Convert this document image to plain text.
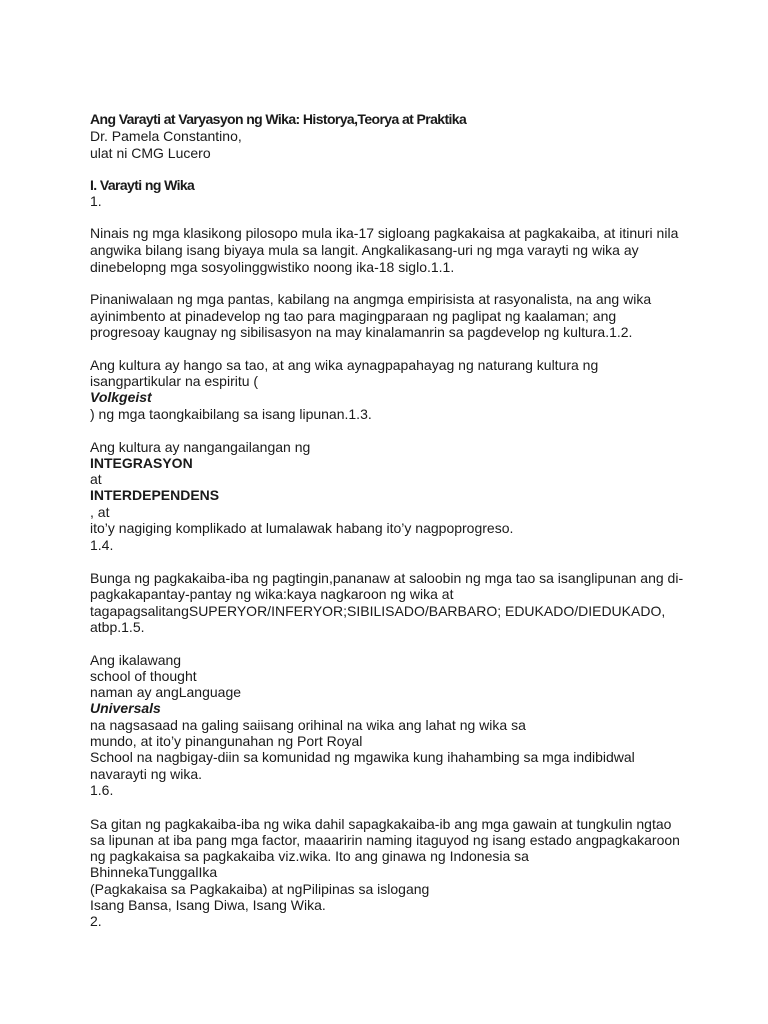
Ang Varayti at Varyasyon ng Wika: Historya,Teorya at Praktika
Dr. Pamela Constantino,
ulat ni CMG Lucero
I. Varayti ng Wika
1.
Ninais ng mga klasikong pilosopo mula ika-17 sigloang pagkakaisa at pagkakaiba, at itinuri nila
angwika bilang isang biyaya mula sa langit. Angkalikasang-uri ng mga varayti ng wika ay
dinebelopng mga sosyolinggwistiko noong ika-18 siglo.1.1.
Pinaniwalaan ng mga pantas, kabilang na angmga empirisista at rasyonalista, na ang wika
ayinimbento at pinadevelop ng tao para magingparaan ng paglipat ng kaalaman; ang
progresoay kaugnay ng sibilisasyon na may kinalamanrin sa pagdevelop ng kultura.1.2.
Ang kultura ay hango sa tao, at ang wika aynagpapahayag ng naturang kultura ng
isangpartikular na espiritu (
Volkgeist
) ng mga taongkaibilang sa isang lipunan.1.3.
Ang kultura ay nangangailangan ng
INTEGRASYON
at
INTERDEPENDENS
, at
ito’y nagiging komplikado at lumalawak habang ito’y nagpoprogreso.
1.4.
Bunga ng pagkakaiba-iba ng pagtingin,pananaw at saloobin ng mga tao sa isanglipunan ang di-
pagkakapantay-pantay ng wika:kaya nagkaroon ng wika at
tagapagsalitangSUPERYOR/INFERYOR;SIBILISADO/BARBARO; EDUKADO/DIEDUKADO,
atbp.1.5.
Ang ikalawang
school of thought
naman ay angLanguage
Universals
na nagsasaad na galing saiisang orihinal na wika ang lahat ng wika sa
mundo, at ito’y pinangunahan ng Port Royal
School na nagbigay-diin sa komunidad ng mgawika kung ihahambing sa mga indibidwal
navarayti ng wika.
1.6.
Sa gitan ng pagkakaiba-iba ng wika dahil sapagkakaiba-ib ang mga gawain at tungkulin ngtao
sa lipunan at iba pang mga factor, maaaririn naming itaguyod ng isang estado angpagkakaroon
ng pagkakaisa sa pagkakaiba viz.wika. Ito ang ginawa ng Indonesia sa
BhinnekaTunggalIka
(Pagkakaisa sa Pagkakaiba) at ngPilipinas sa islogang
Isang Bansa, Isang Diwa, Isang Wika.
2.
